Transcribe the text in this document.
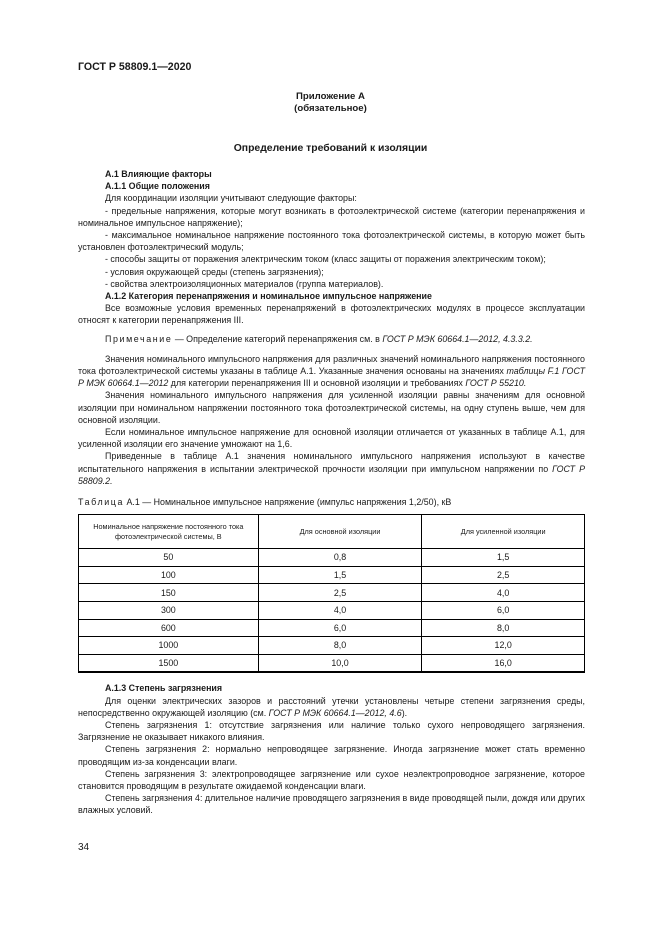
ГОСТ Р 58809.1—2020
Приложение А
(обязательное)
Определение требований к изоляции

А.1 Влияющие факторы

А.1.1 Общие положения

Для координации изоляции учитывают следующие факторы:

- предельные напряжения, которые могут возникать в фотоэлектрической системе (категории перенапряжения и номинальное импульсное напряжение);

- максимальное номинальное напряжение постоянного тока фотоэлектрической системы, в которую может быть установлен фотоэлектрический модуль;

- способы защиты от поражения электрическим током (класс защиты от поражения электрическим током);

- условия окружающей среды (степень загрязнения);

- свойства электроизоляционных материалов (группа материалов).

А.1.2 Категория перенапряжения и номинальное импульсное напряжение

Все возможные условия временных перенапряжений в фотоэлектрических модулях в процессе эксплуатации относят к категории перенапряжения III.

Примечание — Определение категорий перенапряжения см. в ГОСТ Р МЭК 60664.1—2012, 4.3.3.2.

Значения номинального импульсного напряжения для различных значений номинального напряжения постоянного тока фотоэлектрической системы указаны в таблице А.1. Указанные значения основаны на значениях таблицы F.1 ГОСТ Р МЭК 60664.1—2012 для категории перенапряжения III и основной изоляции и требованиях ГОСТ Р 55210.

Значения номинального импульсного напряжения для усиленной изоляции равны значениям для основной изоляции при номинальном напряжении постоянного тока фотоэлектрической системы, на одну ступень выше, чем для основной изоляции.

Если номинальное импульсное напряжение для основной изоляции отличается от указанных в таблице А.1, для усиленной изоляции его значение умножают на 1,6.

Приведенные в таблице А.1 значения номинального импульсного напряжения используют в качестве испытательного напряжения в испытании электрической прочности изоляции при импульсном напряжении по ГОСТ Р 58809.2.

Таблица А.1 — Номинальное импульсное напряжение (импульс напряжения 1,2/50), кВ

Номинальное напряжение постоянного тока фотоэлектрической системы, В	Для основной изоляции	Для усиленной изоляции
50	0,8	1,5
100	1,5	2,5
150	2,5	4,0
300	4,0	6,0
600	6,0	8,0
1000	8,0	12,0
1500	10,0	16,0

А.1.3 Степень загрязнения

Для оценки электрических зазоров и расстояний утечки установлены четыре степени загрязнения среды, непосредственно окружающей изоляцию (см. ГОСТ Р МЭК 60664.1—2012, 4.6).

Степень загрязнения 1: отсутствие загрязнения или наличие только сухого непроводящего загрязнения. Загрязнение не оказывает никакого влияния.

Степень загрязнения 2: нормально непроводящее загрязнение. Иногда загрязнение может стать временно проводящим из-за конденсации влаги.

Степень загрязнения 3: электропроводящее загрязнение или сухое неэлектропроводное загрязнение, которое становится проводящим в результате ожидаемой конденсации влаги.

Степень загрязнения 4: длительное наличие проводящего загрязнения в виде проводящей пыли, дождя или других влажных условий.

34
